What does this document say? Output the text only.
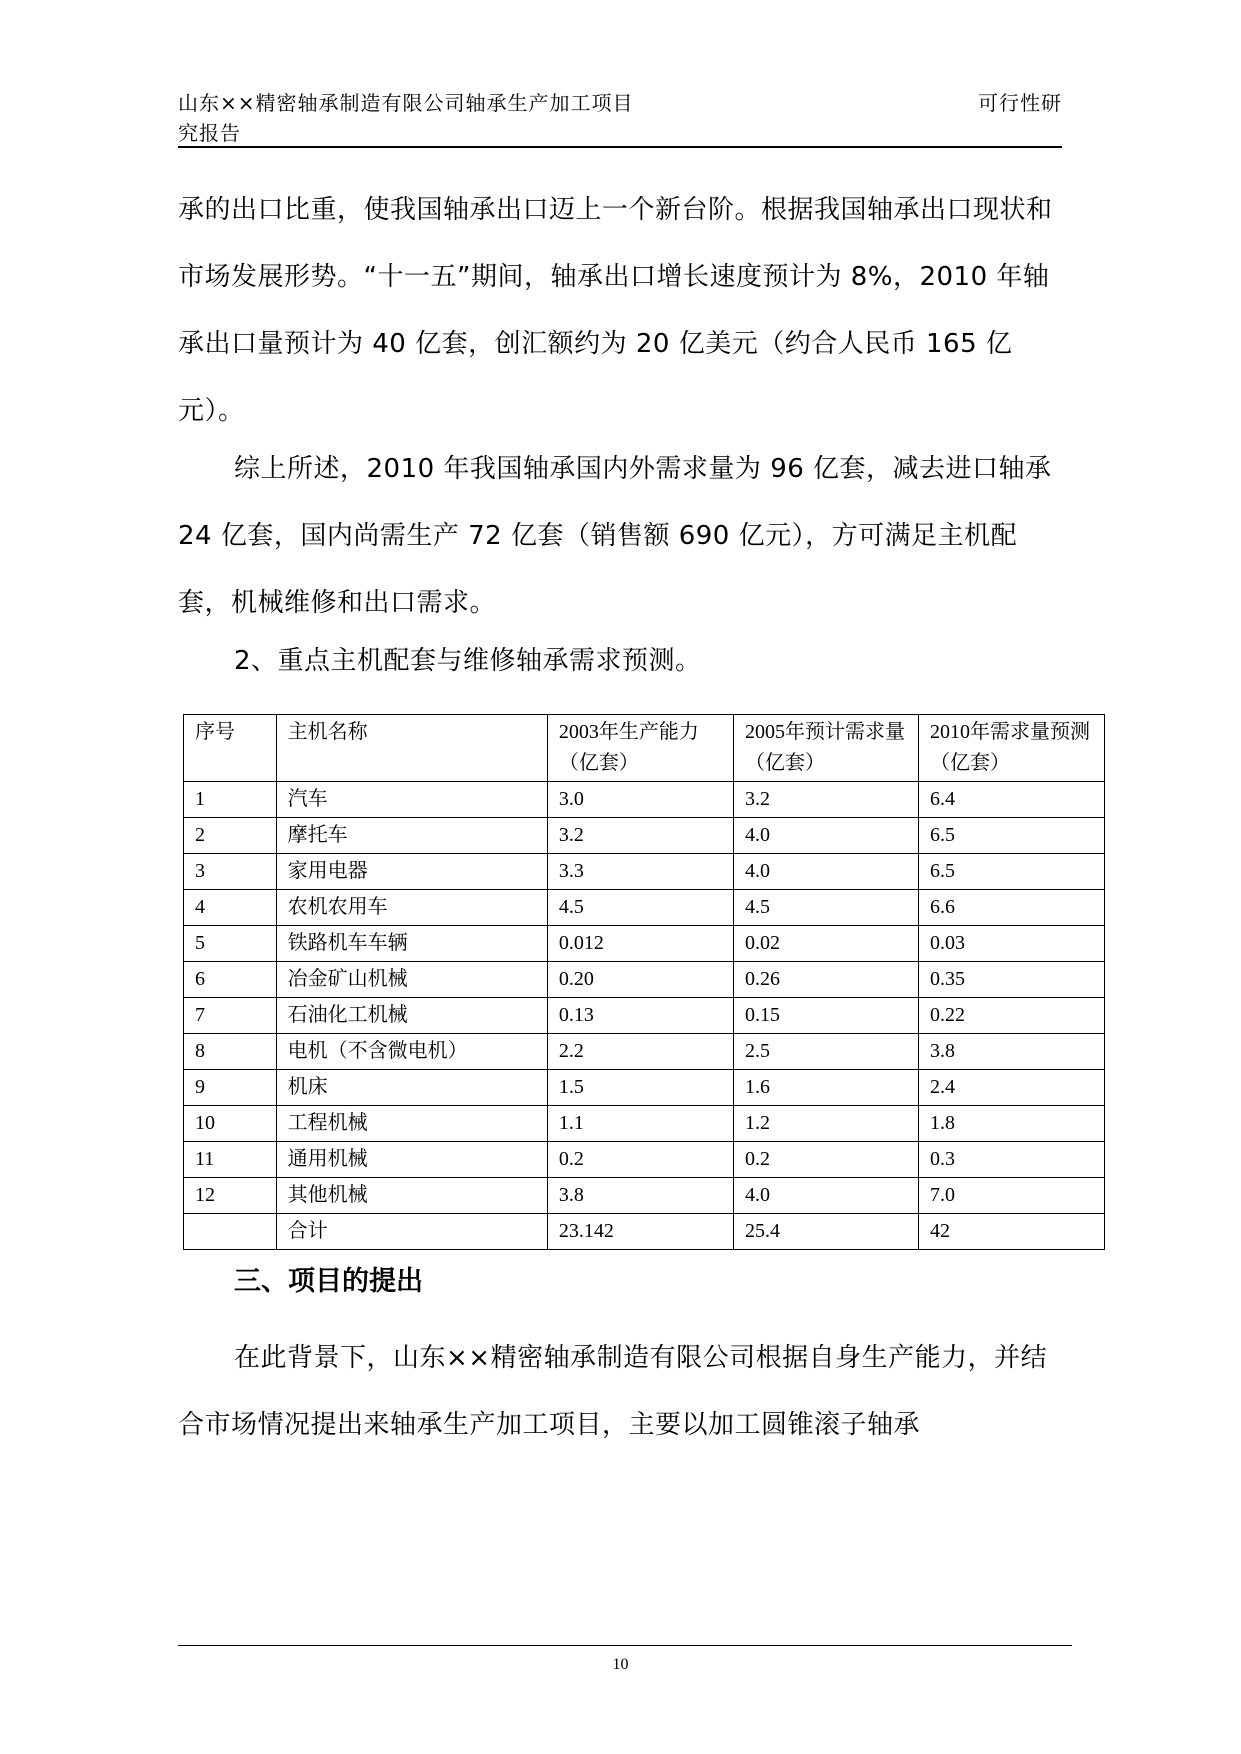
山东××精密轴承制造有限公司轴承生产加工项目
究报告
可行性研

承的出口比重，使我国轴承出口迈上一个新台阶。根据我国轴承出口现状和市场发展形势。“十一五”期间，轴承出口增长速度预计为 8%，2010 年轴承出口量预计为 40 亿套，创汇额约为 20 亿美元（约合人民币 165 亿元）。

综上所述，2010 年我国轴承国内外需求量为 96 亿套，减去进口轴承 24 亿套，国内尚需生产 72 亿套（销售额 690 亿元），方可满足主机配套，机械维修和出口需求。

2、重点主机配套与维修轴承需求预测。

序号	主机名称	2003年生产能力（亿套）	2005年预计需求量（亿套）	2010年需求量预测（亿套）

1	汽车	3.0	3.2	6.4
2	摩托车	3.2	4.0	6.5
3	家用电器	3.3	4.0	6.5
4	农机农用车	4.5	4.5	6.6
5	铁路机车车辆	0.012	0.02	0.03
6	冶金矿山机械	0.20	0.26	0.35
7	石油化工机械	0.13	0.15	0.22
8	电机（不含微电机）	2.2	2.5	3.8
9	机床	1.5	1.6	2.4
10	工程机械	1.1	1.2	1.8
11	通用机械	0.2	0.2	0.3
12	其他机械	3.8	4.0	7.0
	合计	23.142	25.4	42
三、项目的提出

在此背景下，山东××精密轴承制造有限公司根据自身生产能力，并结合市场情况提出来轴承生产加工项目，主要以加工圆锥滚子轴承

10
